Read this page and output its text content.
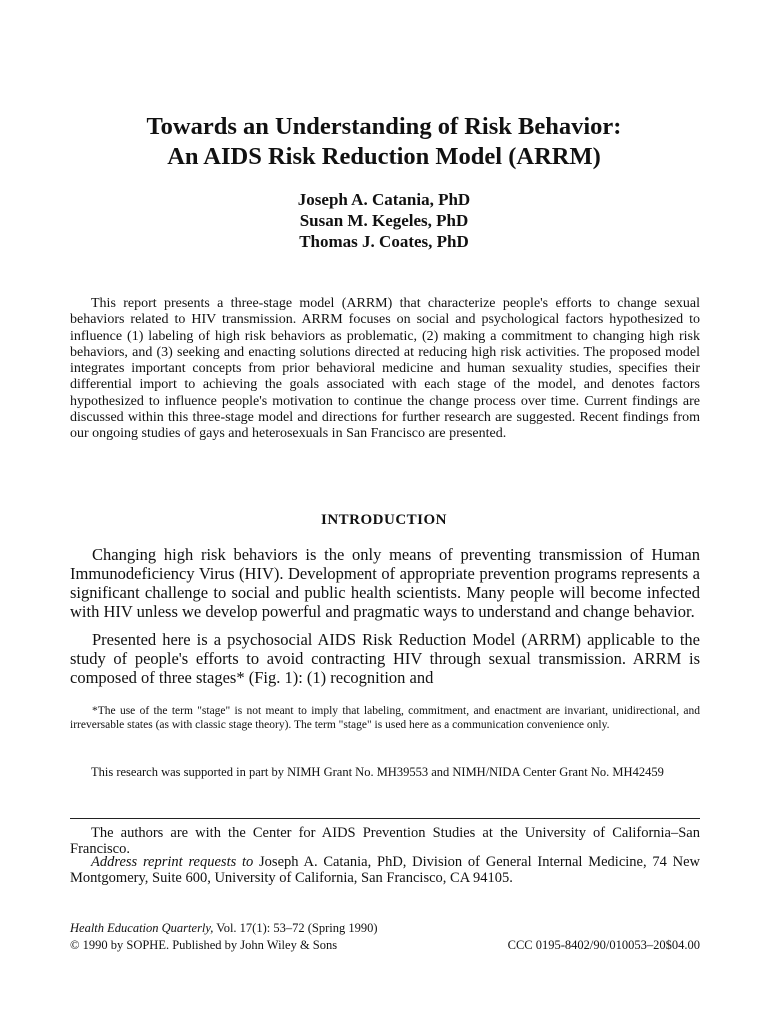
Towards an Understanding of Risk Behavior:
An AIDS Risk Reduction Model (ARRM)

Joseph A. Catania, PhD

Susan M. Kegeles, PhD

Thomas J. Coates, PhD

This report presents a three-stage model (ARRM) that characterize people's efforts to change sexual behaviors related to HIV transmission. ARRM focuses on social and psychological factors hypothesized to influence (1) labeling of high risk behaviors as problematic, (2) making a commitment to changing high risk behaviors, and (3) seeking and enacting solutions directed at reducing high risk activities. The proposed model integrates important concepts from prior behavioral medicine and human sexuality studies, specifies their differential import to achieving the goals associated with each stage of the model, and denotes factors hypothesized to influence people's motivation to continue the change process over time. Current findings are discussed within this three-stage model and directions for further research are suggested. Recent findings from our ongoing studies of gays and heterosexuals in San Francisco are presented.

INTRODUCTION

Changing high risk behaviors is the only means of preventing transmission of Human Immunodeficiency Virus (HIV). Development of appropriate prevention programs represents a significant challenge to social and public health scientists. Many people will become infected with HIV unless we develop powerful and pragmatic ways to understand and change behavior.

Presented here is a psychosocial AIDS Risk Reduction Model (ARRM) applicable to the study of people's efforts to avoid contracting HIV through sexual transmission. ARRM is composed of three stages* (Fig. 1): (1) recognition and

*The use of the term "stage" is not meant to imply that labeling, commitment, and enactment are invariant, unidirectional, and irreversable states (as with classic stage theory). The term "stage" is used here as a communication convenience only.

This research was supported in part by NIMH Grant No. MH39553 and NIMH/NIDA Center Grant No. MH42459

The authors are with the Center for AIDS Prevention Studies at the University of California–San Francisco.

Address reprint requests to Joseph A. Catania, PhD, Division of General Internal Medicine, 74 New Montgomery, Suite 600, University of California, San Francisco, CA 94105.

Health Education Quarterly, Vol. 17(1): 53–72 (Spring 1990)

© 1990 by SOPHE. Published by John Wiley & Sons	CCC 0195-8402/90/010053–20$04.00
